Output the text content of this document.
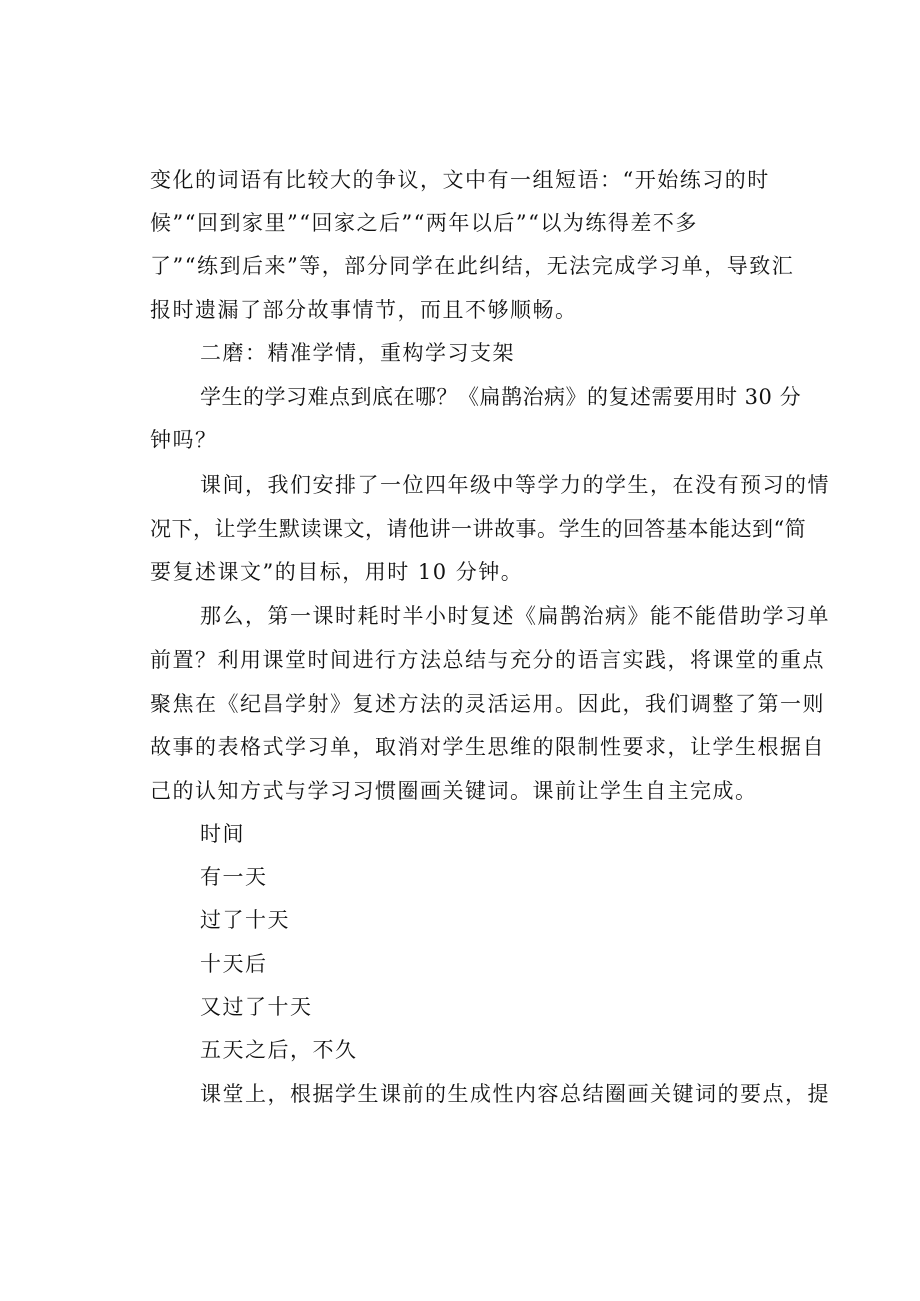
变化的词语有比较大的争议，文中有一组短语：“开始练习的时
候”“回到家里”“回家之后”“两年以后”“以为练得差不多
了”“练到后来”等，部分同学在此纠结，无法完成学习单，导致汇
报时遗漏了部分故事情节，而且不够顺畅。
二磨：精准学情，重构学习支架
学生的学习难点到底在哪？《扁鹊治病》的复述需要用时 30 分
钟吗？
课间，我们安排了一位四年级中等学力的学生，在没有预习的情
况下，让学生默读课文，请他讲一讲故事。学生的回答基本能达到“简
要复述课文”的目标，用时 10 分钟。
那么，第一课时耗时半小时复述《扁鹊治病》能不能借助学习单
前置？利用课堂时间进行方法总结与充分的语言实践，将课堂的重点
聚焦在《纪昌学射》复述方法的灵活运用。因此，我们调整了第一则
故事的表格式学习单，取消对学生思维的限制性要求，让学生根据自
己的认知方式与学习习惯圈画关键词。课前让学生自主完成。
时间
有一天
过了十天
十天后
又过了十天
五天之后，不久
课堂上，根据学生课前的生成性内容总结圈画关键词的要点，提
